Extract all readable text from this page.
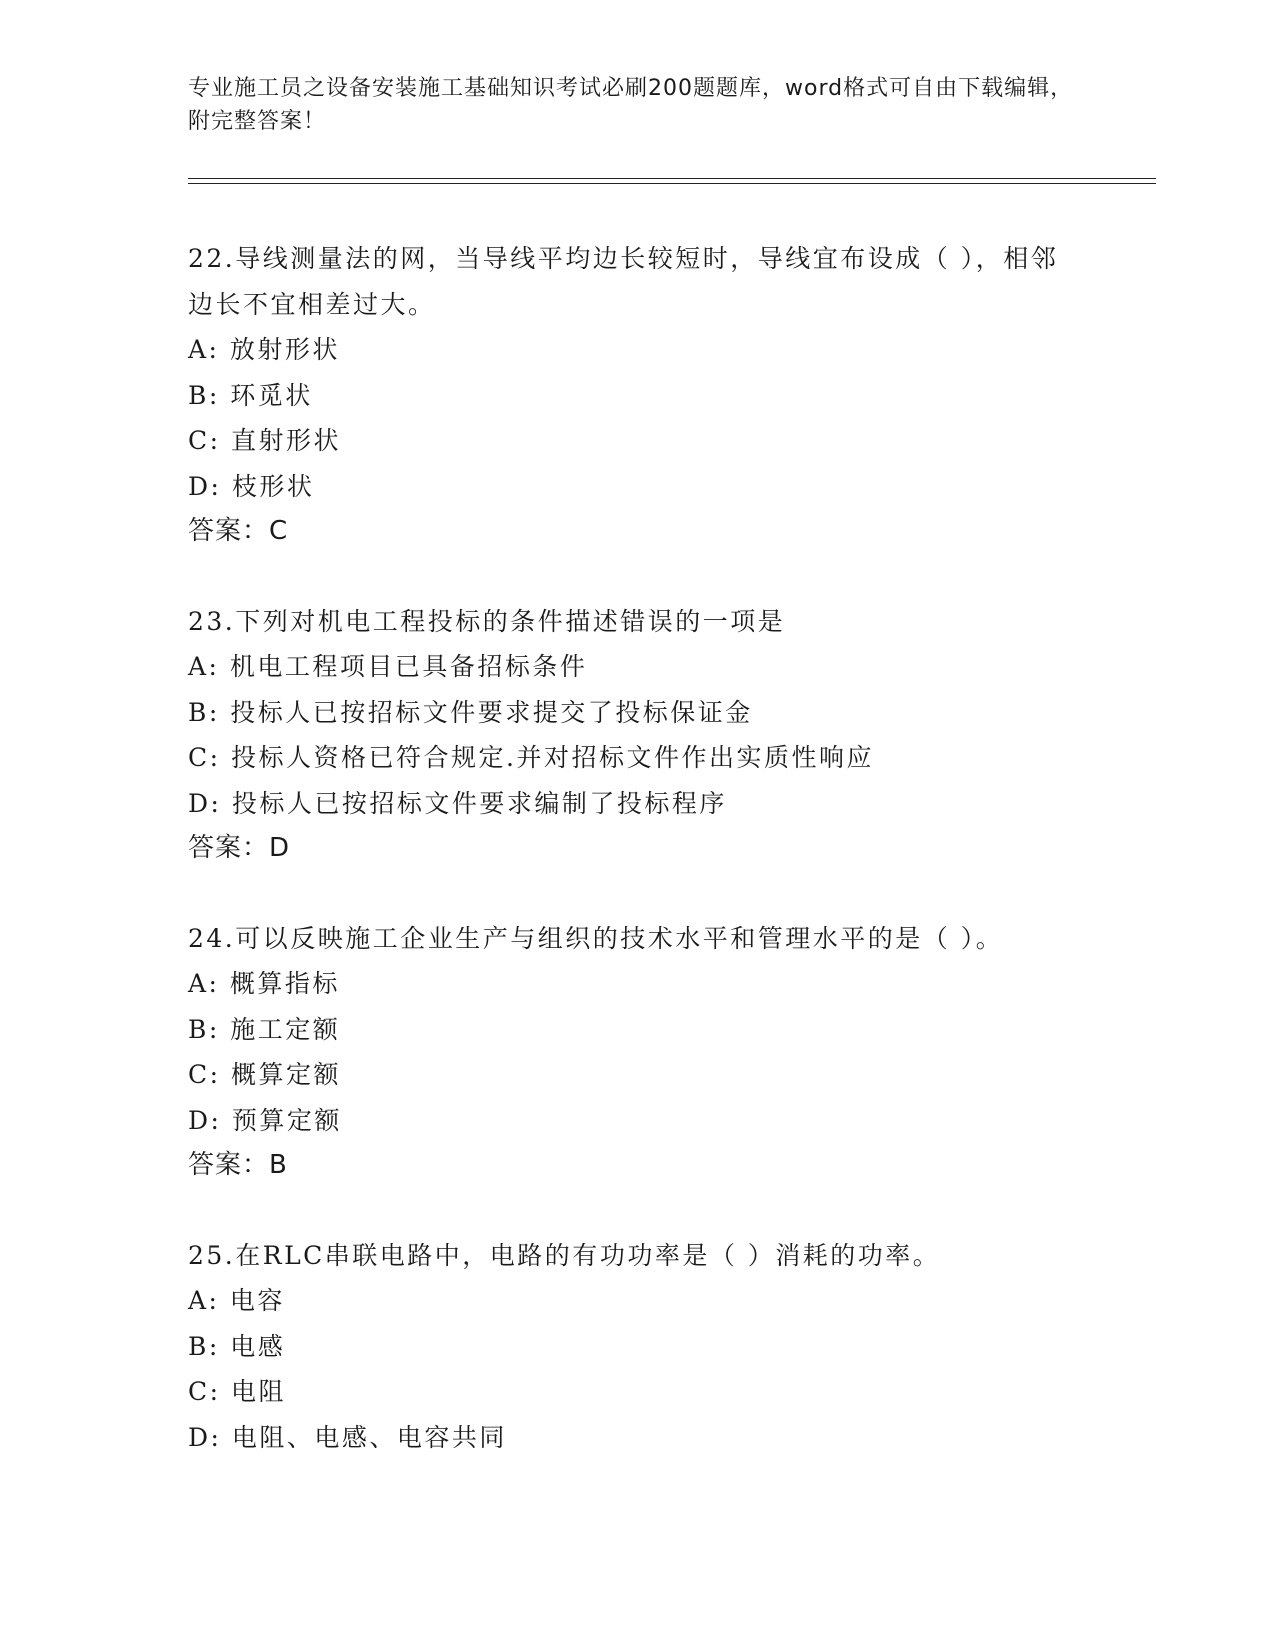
专业施工员之设备安装施工基础知识考试必刷200题题库，word格式可自由下载编辑，附完整答案！
22.导线测量法的网，当导线平均边长较短时，导线宜布设成（ ），相邻边长不宜相差过大。
A: 放射形状
B: 环觅状
C: 直射形状
D: 枝形状
答案：C
23.下列对机电工程投标的条件描述错误的一项是
A: 机电工程项目已具备招标条件
B: 投标人已按招标文件要求提交了投标保证金
C: 投标人资格已符合规定.并对招标文件作出实质性响应
D: 投标人已按招标文件要求编制了投标程序
答案：D
24.可以反映施工企业生产与组织的技术水平和管理水平的是（ ）。
A: 概算指标
B: 施工定额
C: 概算定额
D: 预算定额
答案：B
25.在RLC串联电路中，电路的有功功率是（ ）消耗的功率。
A: 电容
B: 电感
C: 电阻
D: 电阻、电感、电容共同
